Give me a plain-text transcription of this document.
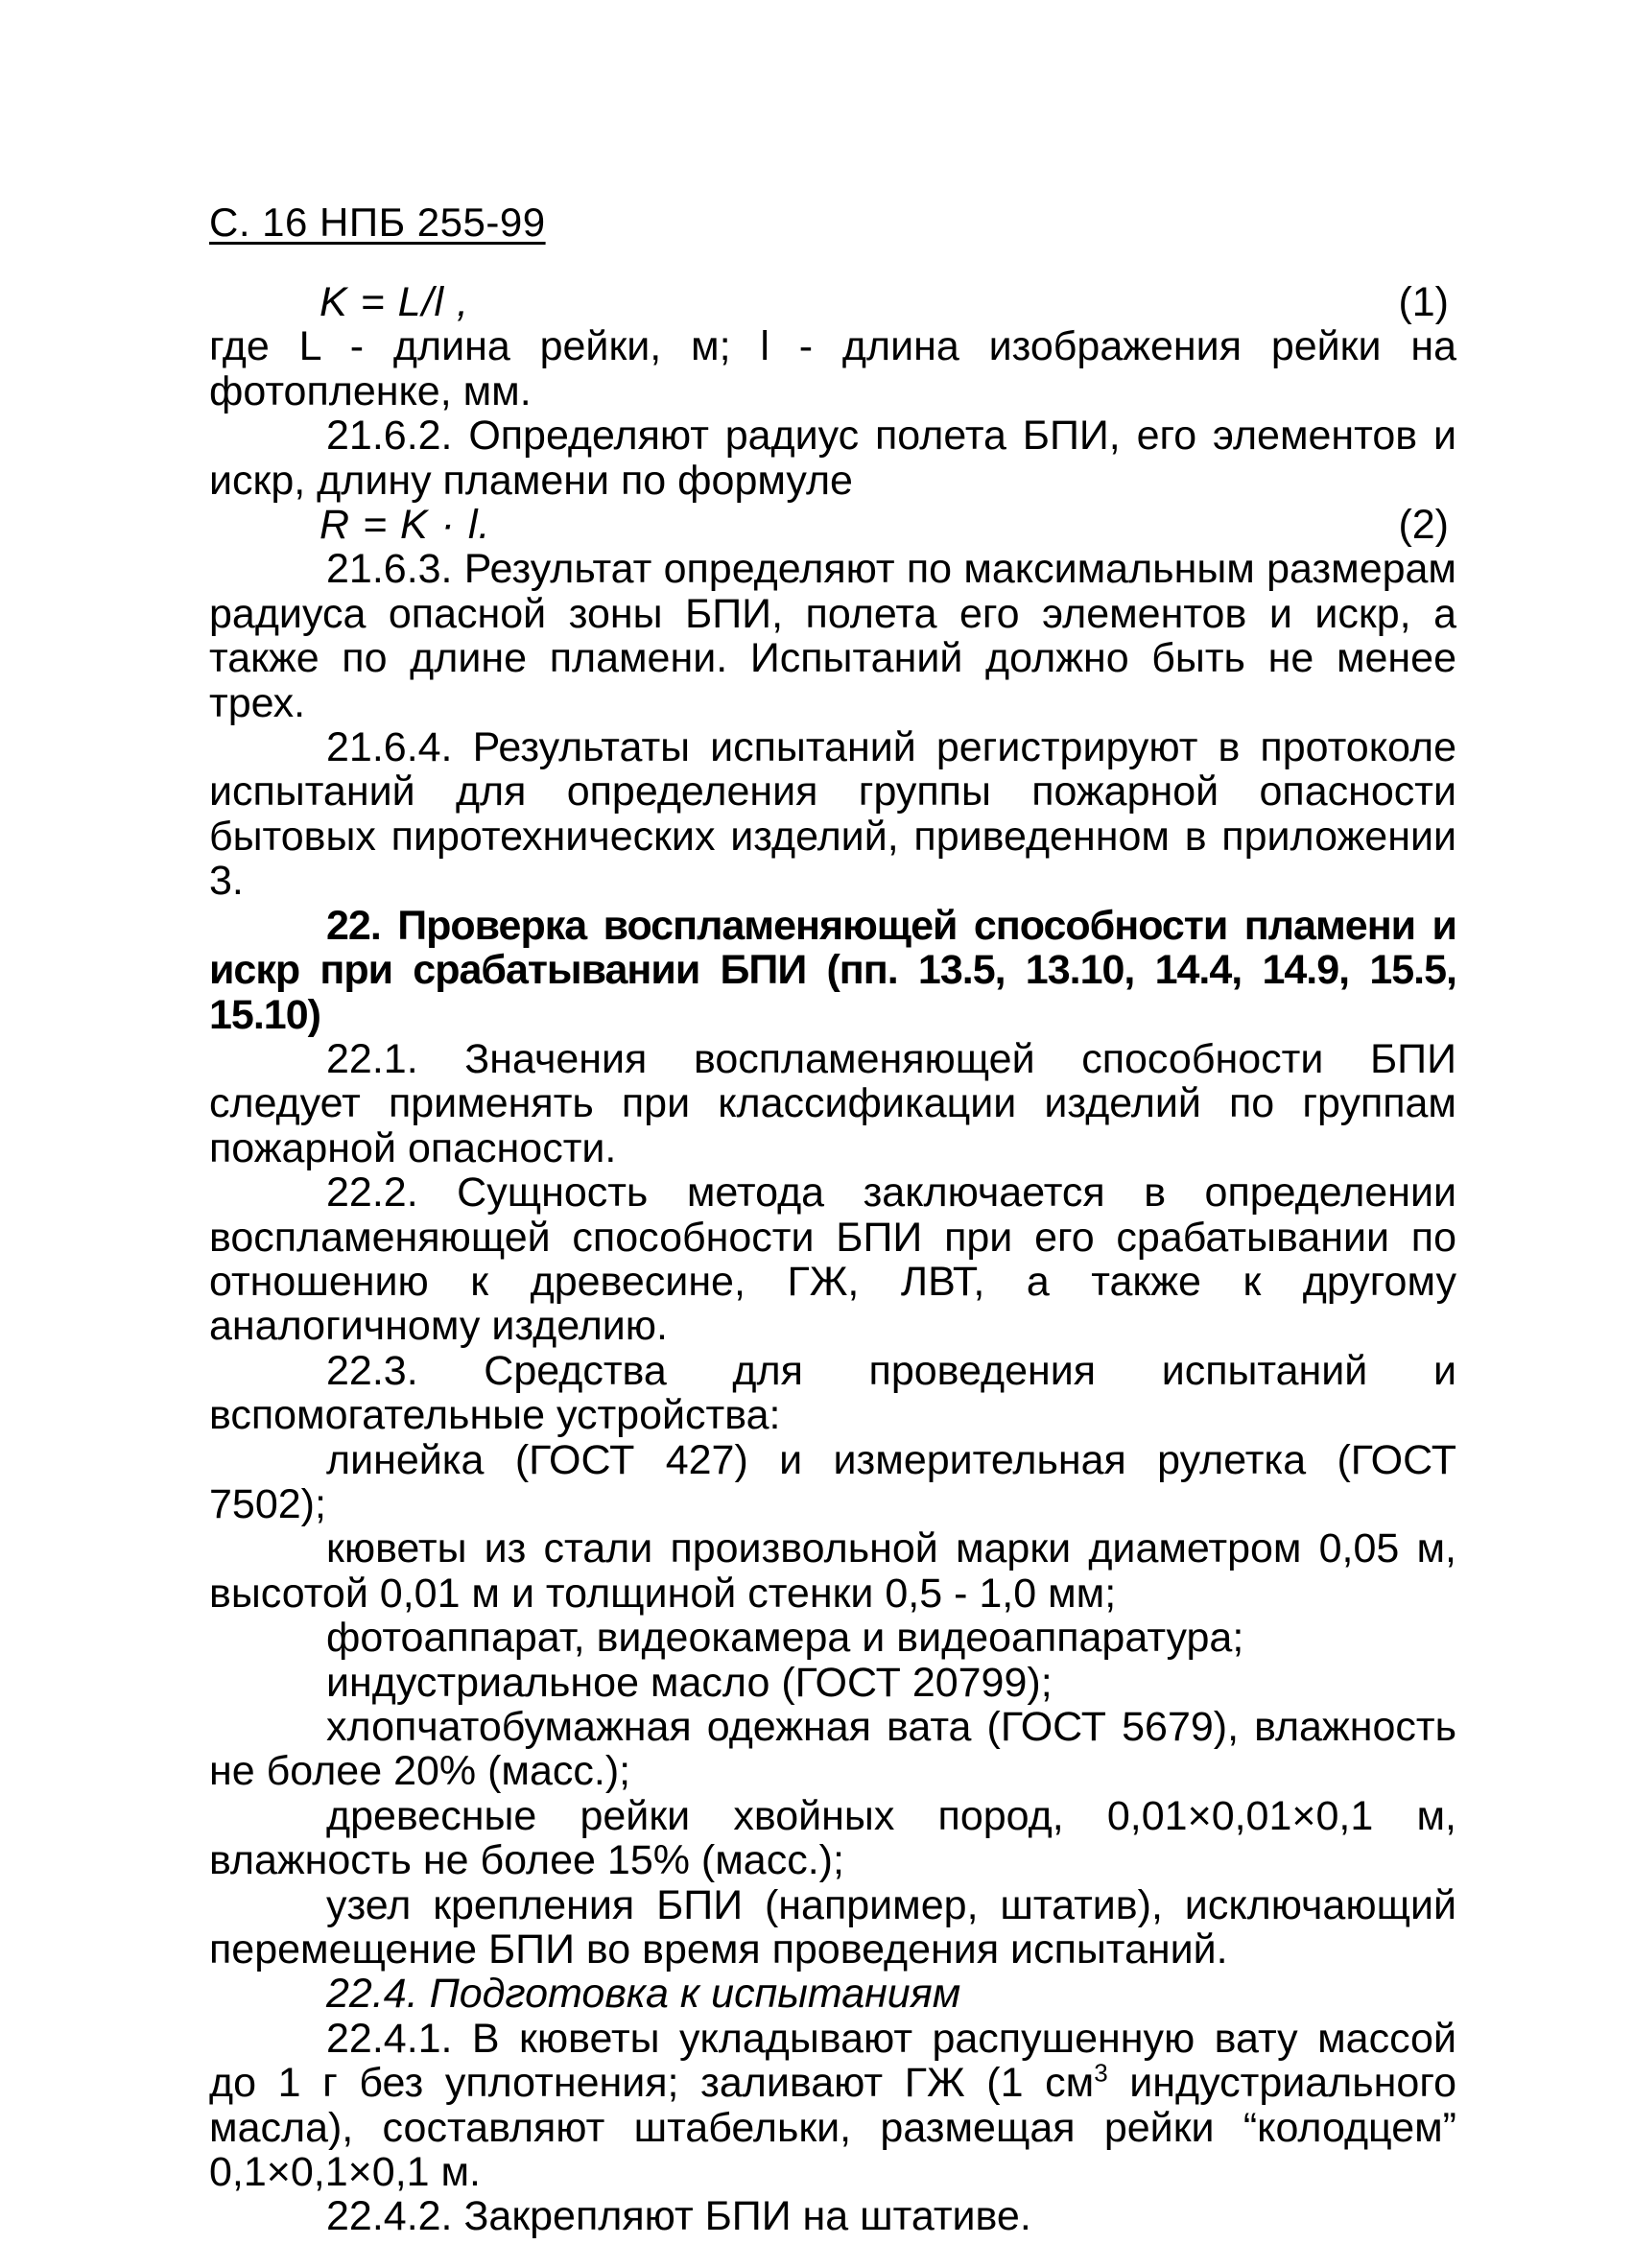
С. 16 НПБ 255-99
K = L/l ,	(1)

где L - длина рейки, м; l - длина изображения рейки на фотопленке, мм.

21.6.2. Определяют радиус полета БПИ, его элементов и искр, длину пламени по формуле

R = K · l.	(2)

21.6.3. Результат определяют по максимальным размерам радиуса опасной зоны БПИ, полета его элементов и искр, а также по длине пламени. Испытаний должно быть не менее трех.

21.6.4. Результаты испытаний регистрируют в протоколе испытаний для определения группы пожарной опасности бытовых пиротехнических изделий, приведенном в приложении 3.

22. Проверка воспламеняющей способности пламени и искр при срабатывании БПИ (пп. 13.5, 13.10, 14.4, 14.9, 15.5, 15.10)

22.1. Значения воспламеняющей способности БПИ следует применять при классификации изделий по группам пожарной опасности.

22.2. Сущность метода заключается в определении воспламеняющей способности БПИ при его срабатывании по отношению к древесине, ГЖ, ЛВТ, а также к другому аналогичному изделию.

22.3. Средства для проведения испытаний и вспомогательные устройства:

линейка (ГОСТ 427) и измерительная рулетка (ГОСТ 7502);

кюветы из стали произвольной марки диаметром 0,05 м, высотой 0,01 м и толщиной стенки 0,5 - 1,0 мм;

фотоаппарат, видеокамера и видеоаппаратура;

индустриальное масло (ГОСТ 20799);

хлопчатобумажная одежная вата (ГОСТ 5679), влажность не более 20% (масс.);

древесные рейки хвойных пород, 0,01×0,01×0,1 м, влажность не более 15% (масс.);

узел крепления БПИ (например, штатив), исключающий перемещение БПИ во время проведения испытаний.

22.4. Подготовка к испытаниям

22.4.1. В кюветы укладывают распушенную вату массой до 1 г без уплотнения; заливают ГЖ (1 $см^3$ индустриального масла), составляют штабельки, размещая рейки “колодцем” 0,1×0,1×0,1 м.

22.4.2. Закрепляют БПИ на штативе.
